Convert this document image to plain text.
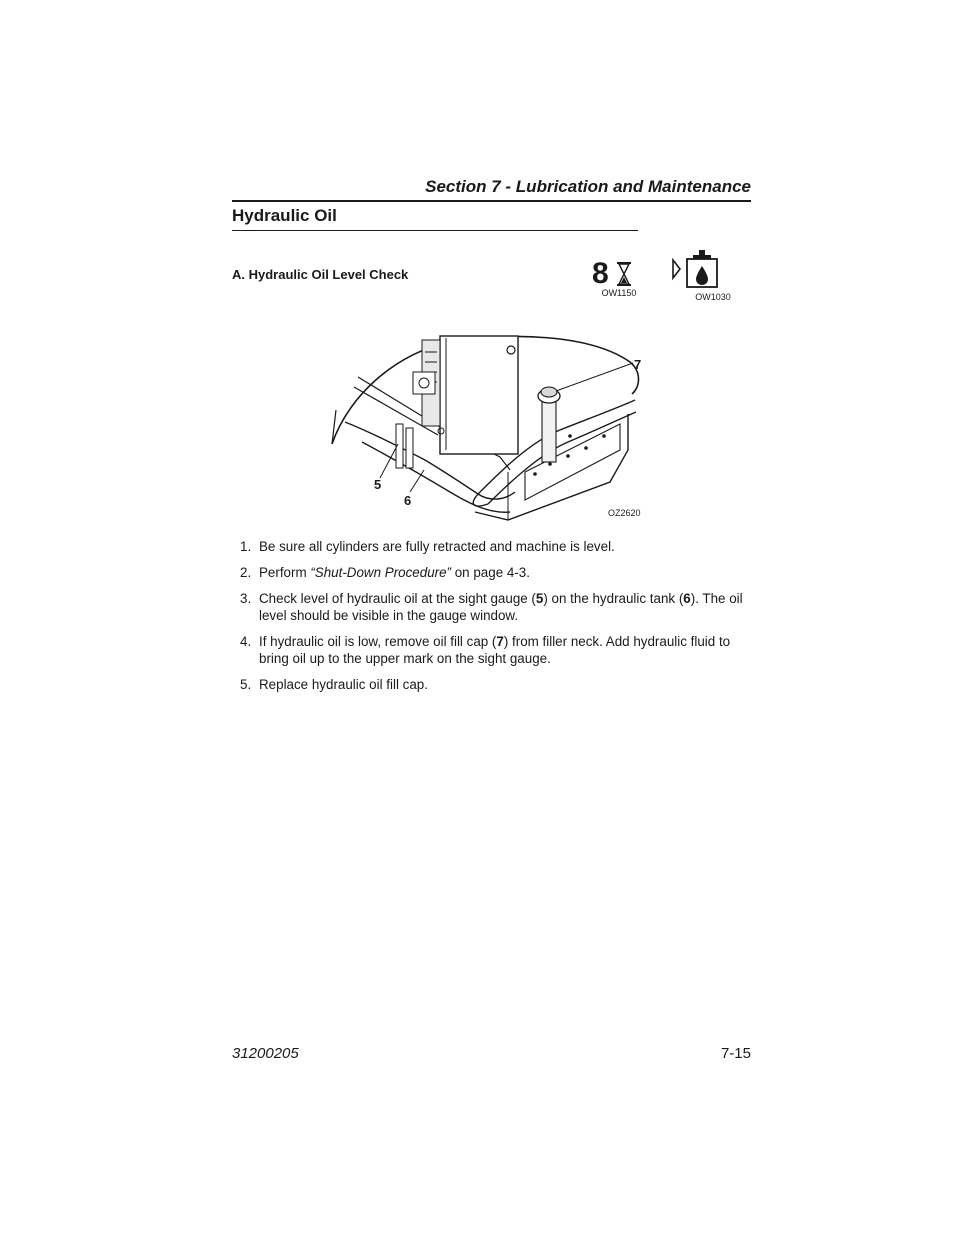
Section 7 - Lubrication and Maintenance
Hydraulic Oil
A. Hydraulic Oil Level Check	8
OW1150	OW1030
7
5
6
OZ2620
1. Be sure all cylinders are fully retracted and machine is level.
2. Perform “Shut-Down Procedure” on page 4-3.
3. Check level of hydraulic oil at the sight gauge (5) on the hydraulic tank (6). The oil level should be visible in the gauge window.
4. If hydraulic oil is low, remove oil fill cap (7) from filler neck. Add hydraulic fluid to bring oil up to the upper mark on the sight gauge.
5. Replace hydraulic oil fill cap.
31200205	7-15
